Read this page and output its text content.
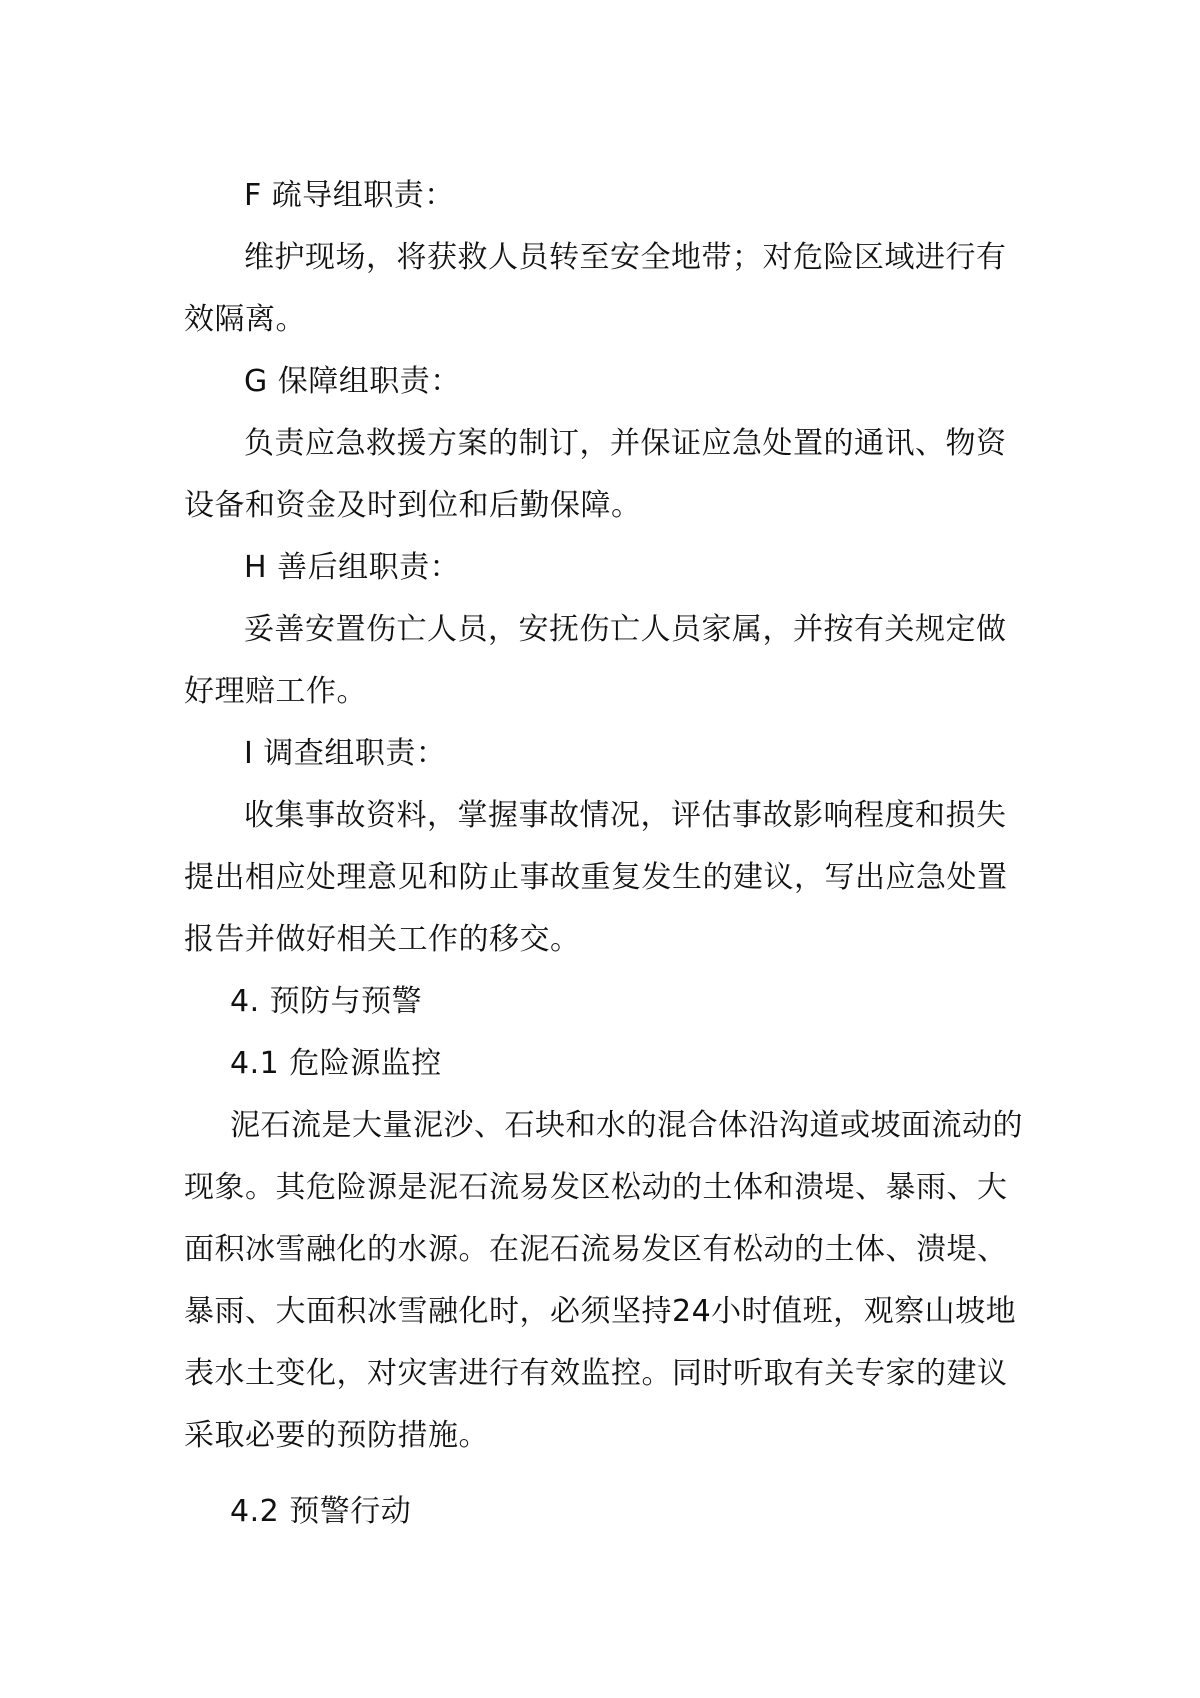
F 疏导组职责：
维护现场，将获救人员转至安全地带；对危险区域进行有
效隔离。
G 保障组职责：
负责应急救援方案的制订，并保证应急处置的通讯、物资
设备和资金及时到位和后勤保障。
H 善后组职责：
妥善安置伤亡人员，安抚伤亡人员家属，并按有关规定做
好理赔工作。
I 调查组职责：
收集事故资料，掌握事故情况，评估事故影响程度和损失
提出相应处理意见和防止事故重复发生的建议，写出应急处置
报告并做好相关工作的移交。
4. 预防与预警
4.1 危险源监控
泥石流是大量泥沙、石块和水的混合体沿沟道或坡面流动的
现象。其危险源是泥石流易发区松动的土体和溃堤、暴雨、大
面积冰雪融化的水源。在泥石流易发区有松动的土体、溃堤、
暴雨、大面积冰雪融化时，必须坚持24小时值班，观察山坡地
表水土变化，对灾害进行有效监控。同时听取有关专家的建议
采取必要的预防措施。
4.2 预警行动
